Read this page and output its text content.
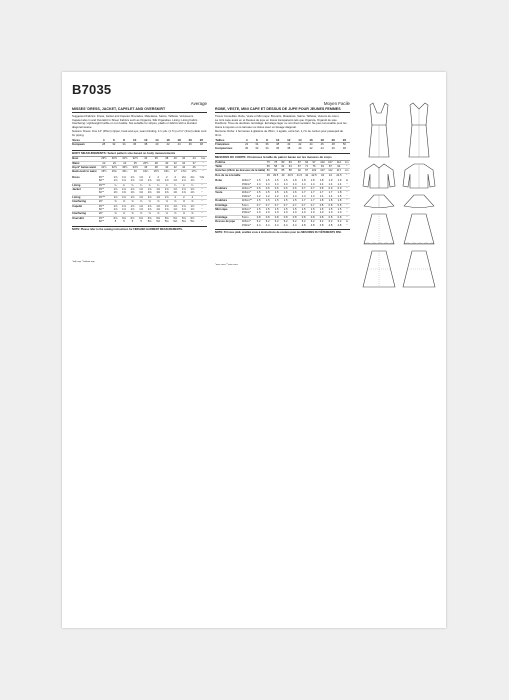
B7035
Average
MISSES' DRESS, JACKET, CAPELET AND OVERSKIRT
Suggested Fabrics: Dress, Jacket and Capelet: Brocades, Matelasse, Satins, Taffetas, Velveteens.
Capelet also in and Overskirt in Sheer Fabrics such as Organza, Silk Organdies. Lining: Lining Fabric. Interfacing: Lightweight fusible or non-fusible. Not suitable for stripes, plaids or fabrics with a decided diagonal weave.
Notions: Dress: One 14" (35cm) zipper, hook and eye, seam binding, 1⅞ yds. (1.7m) of ⅛" (3mm) cable cord for piping.
Sizes	4	6	8	10	12	14	16	18	20	22
European	28	32	34	36	38	40	42	44	46	48
BODY MEASUREMENTS: Select pattern size based on body measurements
Bust	29½	30½	31½	32½	34	36	38	40	42	44	Ins
Waist	22	23	24	25	26½	28	30	32	34	37	"
Hip-9" below waist	31½	32½	33½	34½	36	38	40	42	44	46	"
Back-neck to waist	15½	15¾	15¾	16	16¼	16½	16¾	17	17⅛	17¼	"
Dress	45"*	1⅝	1⅝	1⅝	1⅝	2	2	2	2	2⅛	2⅛	Yds
	60"*	1⅝	1⅝	1⅝	1⅝	1⅝	1⅝	1⅝	1⅝	1⅝	1⅝	"
Lining	45"**	¾	¾	¾	¾	¾	¾	¾	¾	¾	¾	"
Jacket	45"*	1⅝	1⅝	1⅝	1⅝	1⅝	1⅝	1⅝	1⅝	1⅝	1⅝	"
	60"*	1⅜	1⅜	1⅜	1⅜	1⅜	1⅜	1⅜	1⅜	1⅜	1⅜	"
Lining	45"**	1⅝	1⅝	1⅝	1⅝	1⅝	1⅝	1⅝	2	2	2	"
Interfacing	20"	⅝	⅝	⅝	⅝	⅝	⅝	⅝	⅝	⅝	⅝	"
Capelet	45"*	1⅝	1⅝	1⅝	1⅝	1⅝	1⅝	1⅝	1⅝	1⅝	1⅝	"
	60"*	1⅝	1⅝	1⅝	1⅝	1⅝	1⅝	1⅝	1⅝	1⅝	1⅝	"
Interfacing	20"	⅝	⅝	⅝	⅝	⅝	⅝	⅝	⅝	⅝	⅝	"
Overskirt	45"*	6⅝	6⅝	6⅝	6⅝	6⅝	6⅝	6⅝	6⅝	6⅝	6⅝	"
	60"*	5	5	5	5	5⅛	5⅛	5⅛	5⅛	5⅛	5⅛	"
NOTE: Please refer to the sewing instructions for FINISHED GARMENT MEASUREMENTS.
*with nap **without nap
Moyen Facile
ROBE, VESTE, MINI CAPE ET DESSUS DE JUPE POUR JEUNES FEMMES
Tissus Conseillés: Robe, Veste et Mini cape: Brocarts, Matelassé, Satins, Taffetas, Velours de coton.
La mini cape aussi en et Dessus de jupe en tissus transparents tels que Organza, Organdi de soie. Doublure: Tissu de doublure. Entoilage: Entoilage léger ou non-thermocollant. Ne pas convenable pour les tissus à rayures ou à carreaux ou tissus avec un tissage diagonal.
Mercerie: Robe: 1 fermeture à glissière de 35cm, 1 agrafe, extra fort, 1,7m de cordon pour passepoil de 3mm.
Tailles	4	6	8	10	12	14	16	18	20	22
Françaises	22	34	36	38	40	42	44	46	48	50
Européennes	30	32	34	36	38	40	42	44	46	48
MESURES DU CORPS: Choisissez la taille du patron basée sur les mesures du corps
Poitrine	75	78	80	83	87	92	97	102	107	112	cm
Taille	56	58	61	64	67	71	76	81	87	94	"
Hanches (23cm au dessous de la taille)	80	83	85	88	92	97	102	107	112	117	cm
Dos de nu à la taille	39	39.5	40	40.5	41.5	42	42.5	43	44	44.5	"
Robe	115cm*	1.5	1.5	1.5	1.5	1.8	1.8	1.8	1.8	1.9	1.9	m
	150cm*	1.4	1.4	1.4	1.4	1.4	1.4	1.4	1.4	1.4	1.4	"
Doublure	115cm**	0.6	0.6	0.6	0.6	0.6	0.7	0.7	0.8	0.9	0.9	"
Veste	115cm*	1.5	1.5	1.5	1.6	1.6	1.7	1.7	1.7	1.7	1.8	"
	150cm*	1.2	1.2	1.2	1.3	1.4	1.4	1.4	1.4	1.4	1.5	"
Doublure	115cm**	1.5	1.5	1.5	1.5	1.5	1.7	1.7	1.8	1.8	1.8	"
Entoilage	51cm	0.7	0.7	0.7	0.7	0.7	0.7	0.7	0.8	0.8	0.8	"
Mini cape	115cm*	1.5	1.5	1.5	1.5	1.5	1.5	1.5	1.5	1.5	1.5	"
	150cm*	1.0	1.0	1.0	1.0	1.0	1.0	1.0	1.0	1.0	1.0	"
Entoilage	51cm	0.8	0.8	0.8	0.8	0.8	0.8	0.8	0.8	0.8	0.8	"
Dessus de jupe	115cm*	6.2	6.2	6.2	6.2	6.2	6.2	6.2	6.2	6.2	6.2	m
	150cm*	4.4	4.4	4.4	4.4	4.4	4.8	4.8	4.8	4.8	4.8	"
NOTE: S'il vous plaît, veuillez vous à instructions de couture pour les MESURES DU VÊTEMENTS FINI.
*avec sens **sans sens
